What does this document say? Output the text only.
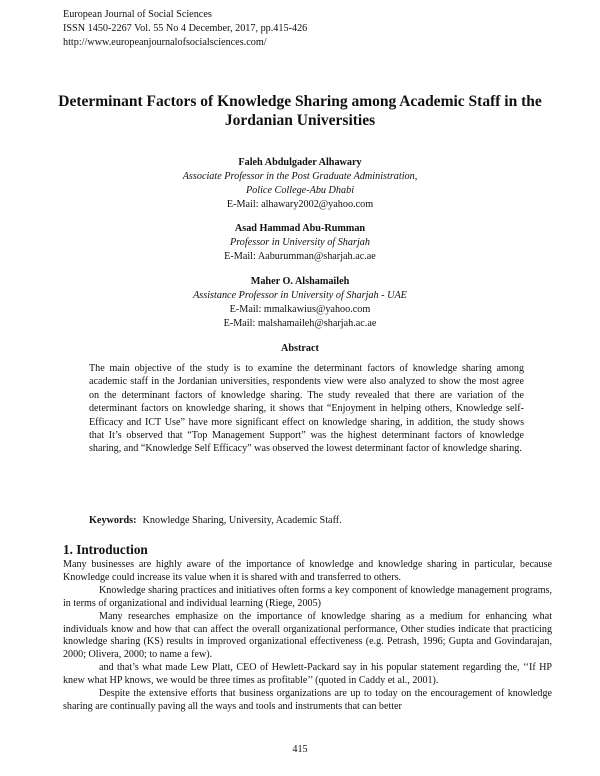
European Journal of Social Sciences
ISSN 1450-2267 Vol. 55 No 4 December, 2017, pp.415-426
http://www.europeanjournalofsocialsciences.com/
Determinant Factors of Knowledge Sharing among Academic Staff in the Jordanian Universities
Faleh Abdulgader Alhawary
Associate Professor in the Post Graduate Administration,
Police College-Abu Dhabi
E-Mail: alhawary2002@yahoo.com
Asad Hammad Abu-Rumman
Professor in University of Sharjah
E-Mail: Aaburumman@sharjah.ac.ae
Maher O. Alshamaileh
Assistance Professor in University of Sharjah - UAE
E-Mail: mmalkawius@yahoo.com
E-Mail: malshamaileh@sharjah.ac.ae
Abstract
The main objective of the study is to examine the determinant factors of knowledge sharing among academic staff in the Jordanian universities, respondents view were also analyzed to show the most agree on the determinant factors of knowledge sharing. The study revealed that there are variation of the determinant factors on knowledge sharing, it shows that “Enjoyment in helping others, Knowledge self-Efficacy and ICT Use” have more significant effect on knowledge sharing, in addition, the study shows that It’s observed that “Top Management Support” was the highest determinant factors of knowledge sharing, and “Knowledge Self Efficacy” was observed the lowest determinant factor of knowledge sharing.
Keywords: Knowledge Sharing, University, Academic Staff.
1. Introduction

Many businesses are highly aware of the importance of knowledge and knowledge sharing in particular, because Knowledge could increase its value when it is shared with and transferred to others.

Knowledge sharing practices and initiatives often forms a key component of knowledge management programs, in terms of organizational and individual learning (Riege, 2005)

Many researches emphasize on the importance of knowledge sharing as a medium for enhancing what individuals know and how that can affect the overall organizational performance, Other studies indicate that practicing knowledge sharing (KS) results in improved organizational effectiveness (e.g. Petrash, 1996; Gupta and Govindarajan, 2000; Olivera, 2000; to name a few).

and that’s what made Lew Platt, CEO of Hewlett-Packard say in his popular statement regarding the, ‘‘If HP knew what HP knows, we would be three times as profitable’’ (quoted in Caddy et al., 2001).

Despite the extensive efforts that business organizations are up to today on the encouragement of knowledge sharing are continually paving all the ways and tools and instruments that can better

415
